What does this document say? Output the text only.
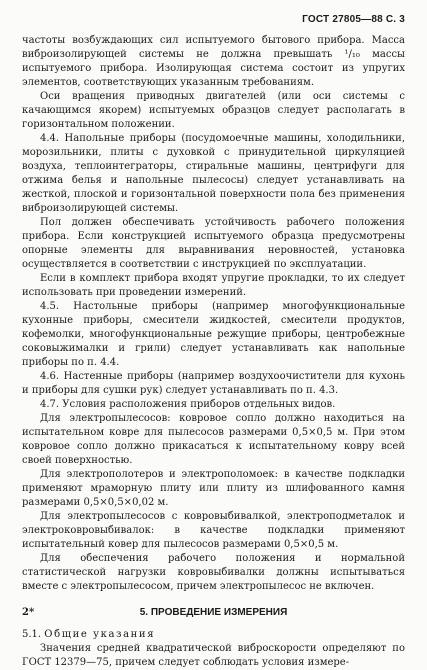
ГОСТ 27805—88 С. 3

частоты возбуждающих сил испытуемого бытового прибора. Масса виброизолирующей системы не должна превышать ¹/₁₀ массы испытуемого прибора. Изолирующая система состоит из упругих элементов, соответствующих указанным требованиям.

Оси вращения приводных двигателей (или оси системы с качающимся якорем) испытуемых образцов следует располагать в горизонтальном положении.

4.4. Напольные приборы (посудомоечные машины, холодильники, морозильники, плиты с духовкой с принудительной циркуляцией воздуха, теплоинтеграторы, стиральные машины, центрифуги для отжима белья и напольные пылесосы) следует устанавливать на жесткой, плоской и горизонтальной поверхности пола без применения виброизолирующей системы.

Пол должен обеспечивать устойчивость рабочего положения прибора. Если конструкцией испытуемого образца предусмотрены опорные элементы для выравнивания неровностей, установка осуществляется в соответствии с инструкцией по эксплуатации.

Если в комплект прибора входят упругие прокладки, то их следует использовать при проведении измерений.

4.5. Настольные приборы (например многофункциональные кухонные приборы, смесители жидкостей, смесители продуктов, кофемолки, многофункциональные режущие приборы, центробежные соковыжималки и грили) следует устанавливать как напольные приборы по п. 4.4.

4.6. Настенные приборы (например воздухоочистители для кухонь и приборы для сушки рук) следует устанавливать по п. 4.3.

4.7. Условия расположения приборов отдельных видов.

Для электропылесосов: ковровое сопло должно находиться на испытательном ковре для пылесосов размерами 0,5×0,5 м. При этом ковровое сопло должно прикасаться к испытательному ковру всей своей поверхностью.

Для электрополотеров и электрополомоек: в качестве подкладки применяют мраморную плиту или плиту из шлифованного камня размерами 0,5×0,5×0,02 м.

Для электропылесосов с ковровыбивалкой, электроподметалок и электроковровыбивалок: в качестве подкладки применяют испытательный ковер для пылесосов размерами 0,5×0,5 м.

Для обеспечения рабочего положения и нормальной статистической нагрузки ковровыбивалки должны испытываться вместе с электропылесосом, причем электропылесос не включен.

5. ПРОВЕДЕНИЕ ИЗМЕРЕНИЯ

5.1. Общие указания

Значения средней квадратической виброскорости определяют по ГОСТ 12379—75, причем следует соблюдать условия измере-

2*
